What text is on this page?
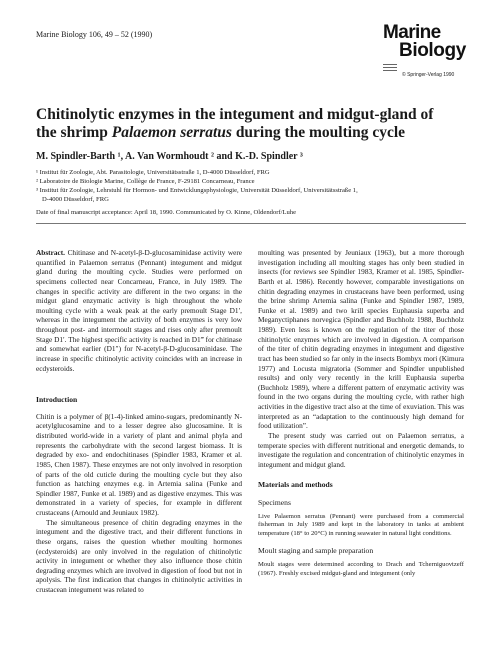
Marine Biology 106, 49 – 52 (1990)	Marine
Biology
© Springer-Verlag 1990
Chitinolytic enzymes in the integument and midgut-gland of the shrimp Palaemon serratus during the moulting cycle
M. Spindler-Barth ¹, A. Van Wormhoudt ² and K.-D. Spindler ³
¹ Institut für Zoologie, Abt. Parasitologie, Universitätsstraße 1, D-4000 Düsseldorf, FRG
² Laboratoire de Biologie Marine, Collège de France, F-29181 Concarneau, France
³ Institut für Zoologie, Lehrstuhl für Hormon- und Entwicklungsphysiologie, Universität Düsseldorf, Universitätsstraße 1,
D-4000 Düsseldorf, FRG
Date of final manuscript acceptance: April 18, 1990. Communicated by O. Kinne, Oldendorf/Luhe

Abstract. Chitinase and N-acetyl-β-D-glucosaminidase activity were quantified in Palaemon serratus (Pennant) integument and midgut gland during the moulting cycle. Studies were performed on specimens collected near Concarneau, France, in July 1989. The changes in specific activity are different in the two organs: in the midgut gland enzymatic activity is high throughout the whole moulting cycle with a weak peak at the early premoult Stage D1′, whereas in the integument the activity of both enzymes is very low throughout post- and intermoult stages and rises only after premoult Stage D1′. The highest specific activity is reached in D1‴ for chitinase and somewhat earlier (D1″) for N-acetyl-β-D-glucosaminidase. The increase in specific chitinolytic activity coincides with an increase in ecdysteroids.

Introduction

Chitin is a polymer of β(1-4)-linked amino-sugars, predominantly N-acetylglucosamine and to a lesser degree also glucosamine. It is distributed world-wide in a variety of plant and animal phyla and represents the carbohydrate with the second largest biomass. It is degraded by exo- and endochitinases (Spindler 1983, Kramer et al. 1985, Chen 1987). These enzymes are not only involved in resorption of parts of the old cuticle during the moulting cycle but they also function as hatching enzymes e.g. in Artemia salina (Funke and Spindler 1987, Funke et al. 1989) and as digestive enzymes. This was demonstrated in a variety of species, for example in different crustaceans (Arnould and Jeuniaux 1982).

The simultaneous presence of chitin degrading enzymes in the integument and the digestive tract, and their different functions in these organs, raises the question whether moulting hormones (ecdysteroids) are only involved in the regulation of chitinolytic activity in integument or whether they also influence those chitin degrading enzymes which are involved in digestion of food but not in apolysis. The first indication that changes in chitinolytic activities in crustacean integument was related to

moulting was presented by Jeuniaux (1963), but a more thorough investigation including all moulting stages has only been studied in insects (for reviews see Spindler 1983, Kramer et al. 1985, Spindler-Barth et al. 1986). Recently however, comparable investigations on chitin degrading enzymes in crustaceans have been performed, using the brine shrimp Artemia salina (Funke and Spindler 1987, 1989, Funke et al. 1989) and two krill species Euphausia superba and Meganyctiphanes norvegica (Spindler and Buchholz 1988, Buchholz 1989). Even less is known on the regulation of the titer of those chitinolytic enzymes which are involved in digestion. A comparison of the titer of chitin degrading enzymes in integument and digestive tract has been studied so far only in the insects Bombyx mori (Kimura 1977) and Locusta migratoria (Sommer and Spindler unpublished results) and only very recently in the krill Euphausia superba (Buchholz 1989), where a different pattern of enzymatic activity was found in the two organs during the moulting cycle, with rather high activities in the digestive tract also at the time of exuviation. This was interpreted as an “adaptation to the continuously high demand for food utilization”.

The present study was carried out on Palaemon serratus, a temperate species with different nutritional and energetic demands, to investigate the regulation and concentration of chitinolytic enzymes in integument and midgut gland.

Materials and methods
Specimens

Live Palaemon serratus (Pennant) were purchased from a commercial fisherman in July 1989 and kept in the laboratory in tanks at ambient temperature (18° to 20°C) in running seawater in natural light conditions.

Moult staging and sample preparation

Moult stages were determined according to Drach and Tcherniguovtzeff (1967). Freshly excised midgut-gland and integument (only
